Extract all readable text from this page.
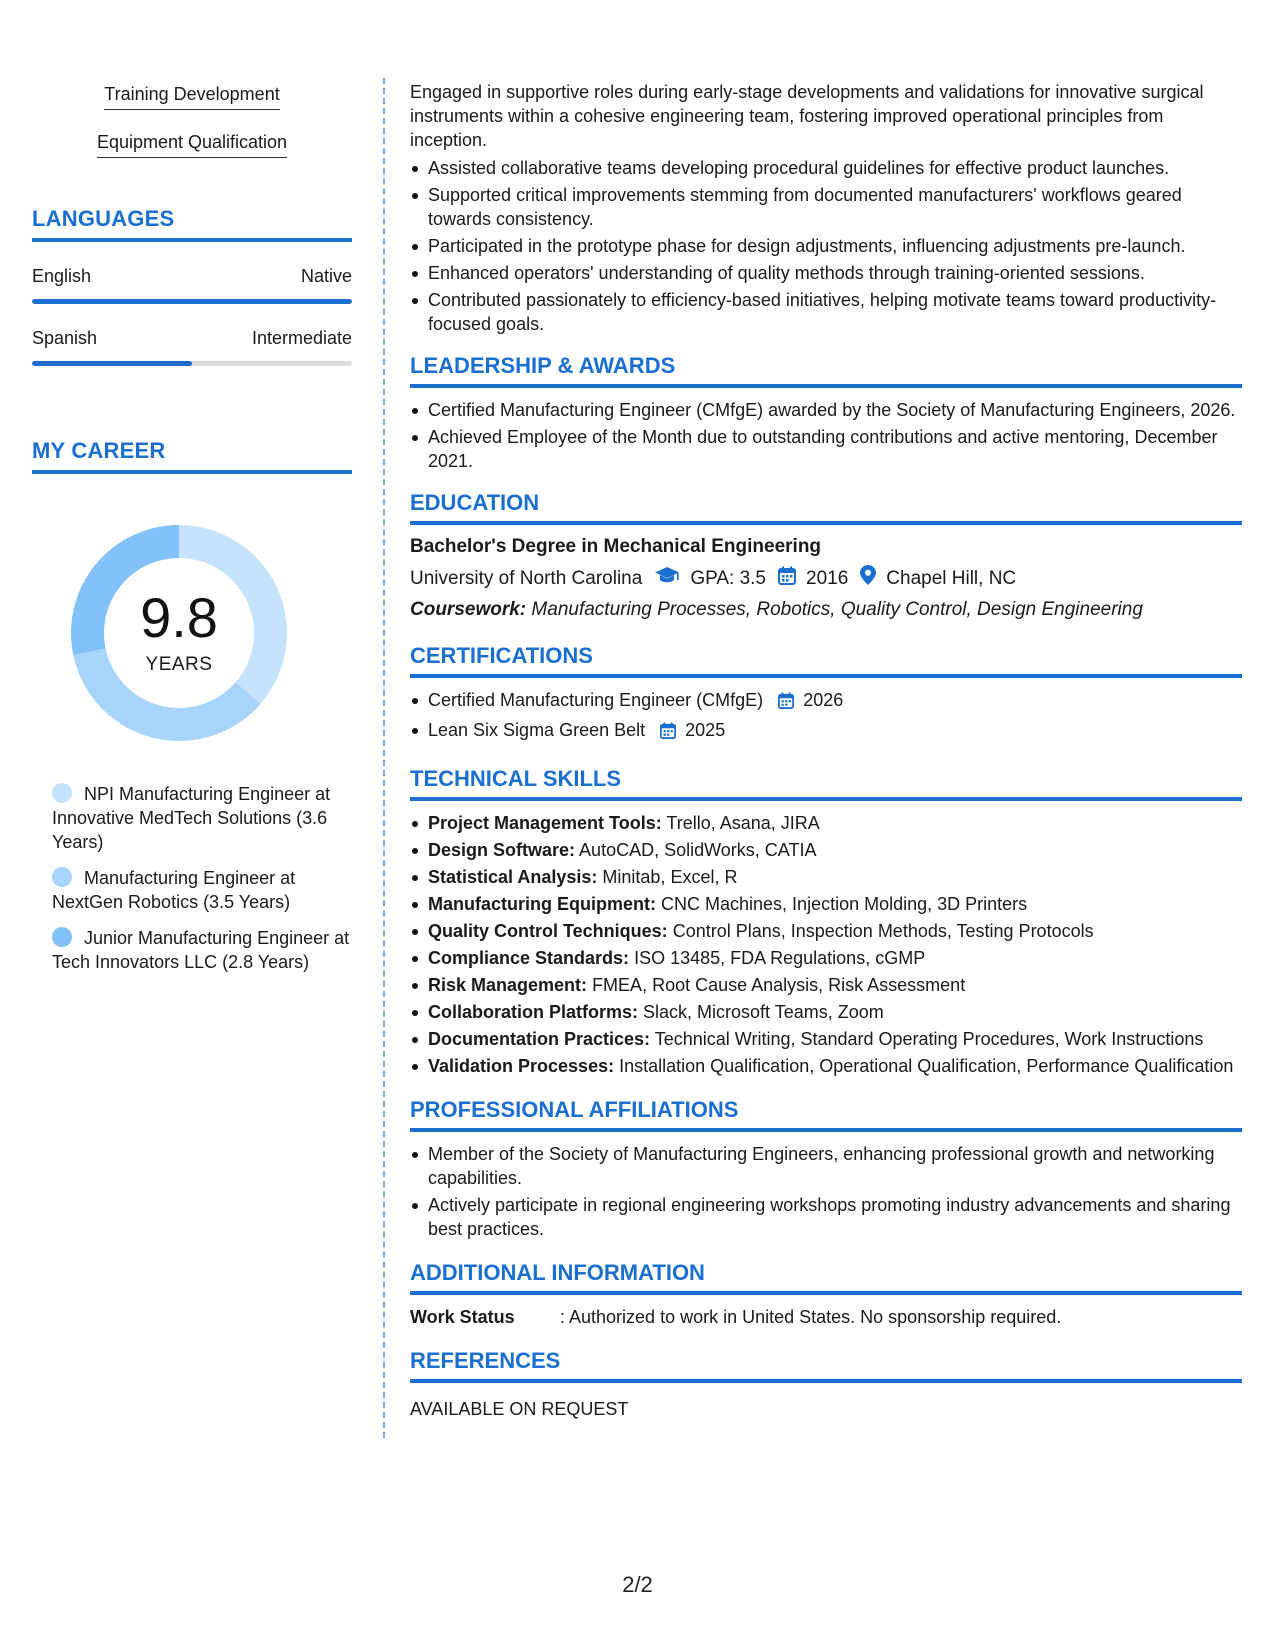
Training Development
Equipment Qualification
LANGUAGES
English	Native
Spanish	Intermediate
MY CAREER
9.8
YEARS
NPI Manufacturing Engineer at Innovative MedTech Solutions (3.6 Years)
Manufacturing Engineer at NextGen Robotics (3.5 Years)
Junior Manufacturing Engineer at Tech Innovators LLC (2.8 Years)
Engaged in supportive roles during early-stage developments and validations for innovative surgical instruments within a cohesive engineering team, fostering improved operational principles from inception.
Assisted collaborative teams developing procedural guidelines for effective product launches.
Supported critical improvements stemming from documented manufacturers' workflows geared towards consistency.
Participated in the prototype phase for design adjustments, influencing adjustments pre-launch.
Enhanced operators' understanding of quality methods through training-oriented sessions.
Contributed passionately to efficiency-based initiatives, helping motivate teams toward productivity-focused goals.
LEADERSHIP & AWARDS
Certified Manufacturing Engineer (CMfgE) awarded by the Society of Manufacturing Engineers, 2026.
Achieved Employee of the Month due to outstanding contributions and active mentoring, December 2021.
EDUCATION
Bachelor's Degree in Mechanical Engineering
University of North Carolina	GPA: 3.5 2016 Chapel Hill, NC
Coursework: Manufacturing Processes, Robotics, Quality Control, Design Engineering
CERTIFICATIONS
Certified Manufacturing Engineer (CMfgE) 2026
Lean Six Sigma Green Belt 2025
TECHNICAL SKILLS
Project Management Tools: Trello, Asana, JIRA
Design Software: AutoCAD, SolidWorks, CATIA
Statistical Analysis: Minitab, Excel, R
Manufacturing Equipment: CNC Machines, Injection Molding, 3D Printers
Quality Control Techniques: Control Plans, Inspection Methods, Testing Protocols
Compliance Standards: ISO 13485, FDA Regulations, cGMP
Risk Management: FMEA, Root Cause Analysis, Risk Assessment
Collaboration Platforms: Slack, Microsoft Teams, Zoom
Documentation Practices: Technical Writing, Standard Operating Procedures, Work Instructions
Validation Processes: Installation Qualification, Operational Qualification, Performance Qualification
PROFESSIONAL AFFILIATIONS
Member of the Society of Manufacturing Engineers, enhancing professional growth and networking capabilities.
Actively participate in regional engineering workshops promoting industry advancements and sharing best practices.
ADDITIONAL INFORMATION
Work Status	: Authorized to work in United States. No sponsorship required.
REFERENCES
AVAILABLE ON REQUEST
2/2
